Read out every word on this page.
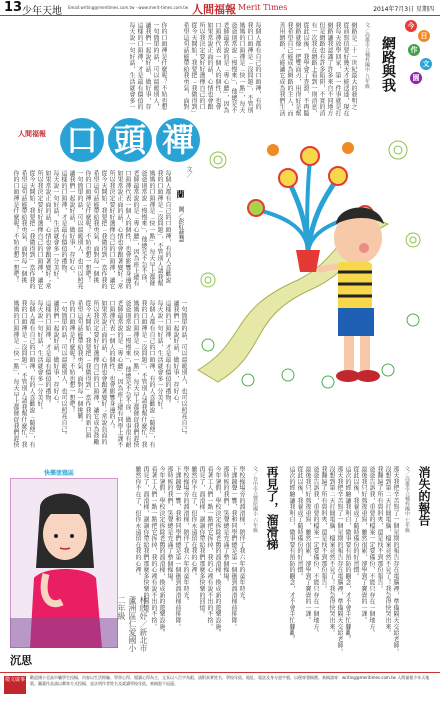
13 少年天地 Email:writing@meritimes.com.tw · www.merit-times.com.tw 人間福報 Merit Times	2014年7月3日 星期四
今
日
作
文
園
網路與我
文／高雄市立楠梓國中 九年級
網路是二十一世紀最大的發明之
從前寫信要好幾天才能送達，現在
我每天放學回家，第一件事就是打
網路讓我認識了許多來自不同地方
但是網路也有許多陷阱，不實的消
有一次我在網路上看到一則消息，
從此以後，我學會了查證，不再隨
網路就像一把雙面刃，用得好是幫
我希望自己能成為網路的主人，而
善用網路，才能讓它成為我們生活
每個人都有自己的口頭禪，有的
我的口頭禪是「沒問題」，不管別
媽媽的口頭禪是「快一點」，每天
爸爸則常說「慢慢來」，他總是不
老師最常說的是「專心聽」，因為
口頭禪代表一個人的個性，也會
如果常說正面的話，心情也會跟
所以我決定要好好選擇自己的口
從今天開始，我要把「我做得到」
希望這句話能帶給我勇氣，面對
你的口頭禪是什麼呢？不妨也想
一句簡單的話，可以溫暖別人，
讓我們一起說好話，做好事，存
這樣的口頭禪，才是最有價值的
每天說一句好話，生活就會多一
人間福報 口 頭 禪
文／
蘭
圖／彭紅慈慧
每個人都有自己的口頭禪，有的人喜歡說
我的口頭禪是「沒問題」，不管別人請我幫
媽媽的口頭禪是「快一點」，每天早上都催
爸爸則常說「慢慢來」，他總是不急不徐，
老師最常說的是「專心聽」，因為班上總有
口頭禪代表一個人的個性，也會影響身邊的
如果常說正面的話，心情也會跟著變好；常
所以我決定要好好選擇自己的口頭禪，讓它
從今天開始，我要把「我做得到」當作我的
希望這句話能帶給我勇氣，面對每一個挑
你的口頭禪是什麼呢？不妨也想一想吧！
一句簡單的話，可以溫暖別人，也可以照亮
讓我們一起說好話，做好事，存好心。
這樣的口頭禪，才是最有價值的禮物。
每天說一句好話，生活就會多一分美好。
如果常說正面的話，心情也會跟著變好；常
所以我決定要好好選擇自己的口頭禪，讓它
從今天開始，我要把「我做得到」當作我的
希望這句話能帶給我勇氣，面對每一個挑
你的口頭禪是什麼呢？不妨也想一想吧！
一句簡單的話，可以溫暖別人，也可以照亮自己。
讓我們一起說好話，做好事，存好心。
這樣的口頭禪，才是最有價值的禮物。
每天說一句好話，生活就會多一分美好。
每個人都有自己的口頭禪，有的人喜歡說「隨便」，有
我的口頭禪是「沒問題」，不管別人請我幫什麼忙，我
媽媽的口頭禪是「快一點」，每天早上都催促我們趕快
爸爸則常說「慢慢來」，他總是不急不徐，做事很有耐
老師最常說的是「專心聽」，因為班上總有同學上課不
口頭禪代表一個人的個性，也會影響身邊的人。
如果常說正面的話，心情也會跟著變好；常說負面的
所以我決定要好好選擇自己的口頭禪，讓它成為鼓勵
從今天開始，我要把「我做得到」當作我的新口頭
希望這句話能帶給我勇氣，面對每一個挑戰。
你的口頭禪是什麼呢？不妨也想一想吧！
一句簡單的話，可以溫暖別人，也可以照亮自己。
讓我們一起說好話，做好事，存好心。
這樣的口頭禪，才是最有價值的禮物。
每天說一句好話，生活就會多一分美好。
每個人都有自己的口頭禪，有的人喜歡說「隨便」，有
我的口頭禪是「沒問題」，不管別人請我幫什麼忙，我
媽媽的口頭禪是「快一點」，每天早上都催促我們趕快
消失的報告
文／高雄市立楠梓國中 七年級
那天我把辛苦寫了一個星期的報告存在電腦裡，準備隔天交給老師。
沒想到第二天打開電腦，檔案竟然不見了！我急得快哭出來。
我翻遍了所有資料夾，還是找不到那份報告。
爸爸告訴我，重要的檔案一定要備份，不能只存在一個地方。
最後我只好熬夜重寫，雖然很累，卻學到了寶貴的一課。
從此以後，我養成了隨時備份的好習慣。
這次的經驗讓我明白，做事要有預防的觀念，才不會手忙腳亂。
那天我把辛苦寫了一個星期的報告存在電腦裡，準備隔天交給老師。
沒想到第二天打開電腦，檔案竟然不見了！我急得快哭出來。
我翻遍了所有資料夾，還是找不到那份報告。
爸爸告訴我，重要的檔案一定要備份，不能只存在一個地方。
最後我只好熬夜重寫，雖然很累，卻學到了寶貴的一課。
從此以後，我養成了隨時備份的好習慣。
這次的經驗讓我明白，做事要有預防的觀念，才不會手忙腳亂。
再見了，溜滑梯
文／台中市立豐原國小 六年級
學校操場旁的溜滑梯，陪伴了我六年的童年時光。
下課鐘聲一響，我和同學們總是第一個衝到溜滑梯前排隊。
那時候的我們，笑聲總是充滿了整個操場。
今年暑假，學校決定拆除老舊的溜滑梯，換成新的遊樂設施。
看著工人們一點一點把它拆掉，我的心裡有說不出的不捨。
再見了，溜滑梯，謝謝你帶給我們那麼多快樂的回憶。
雖然你不在了，但你永遠留在我的心裡。
學校操場旁的溜滑梯，陪伴了我六年的童年時光。
下課鐘聲一響，我和同學們總是第一個衝到溜滑梯前排隊。
那時候的我們，笑聲總是充滿了整個操場。
今年暑假，學校決定拆除老舊的溜滑梯，換成新的遊樂設施。
看著工人們一點一點把它拆掉，我的心裡有說不出的不捨。
再見了，溜滑梯，謝謝你帶給我們那麼多快樂的回憶。
雖然你不在了，但你永遠留在我的心裡。
快樂塗鴉區
林欣妤／新北市蘆洲區仁愛國小二年級
沉思
徵文啟事 歡迎國小至高中職學生投稿，內容以生活經驗、學習心得、閱讀心得為主，文長以八百字為限，請附真實姓名、學校年級、地址、電話及身分證字號，以便寄發稿費。來稿請寄：writing@meritimes.com.tw 人間福報少年天地版。圖畫作品請以郵寄方式投稿，並註明作者姓名及就讀學校年級，來稿恕不退還。
